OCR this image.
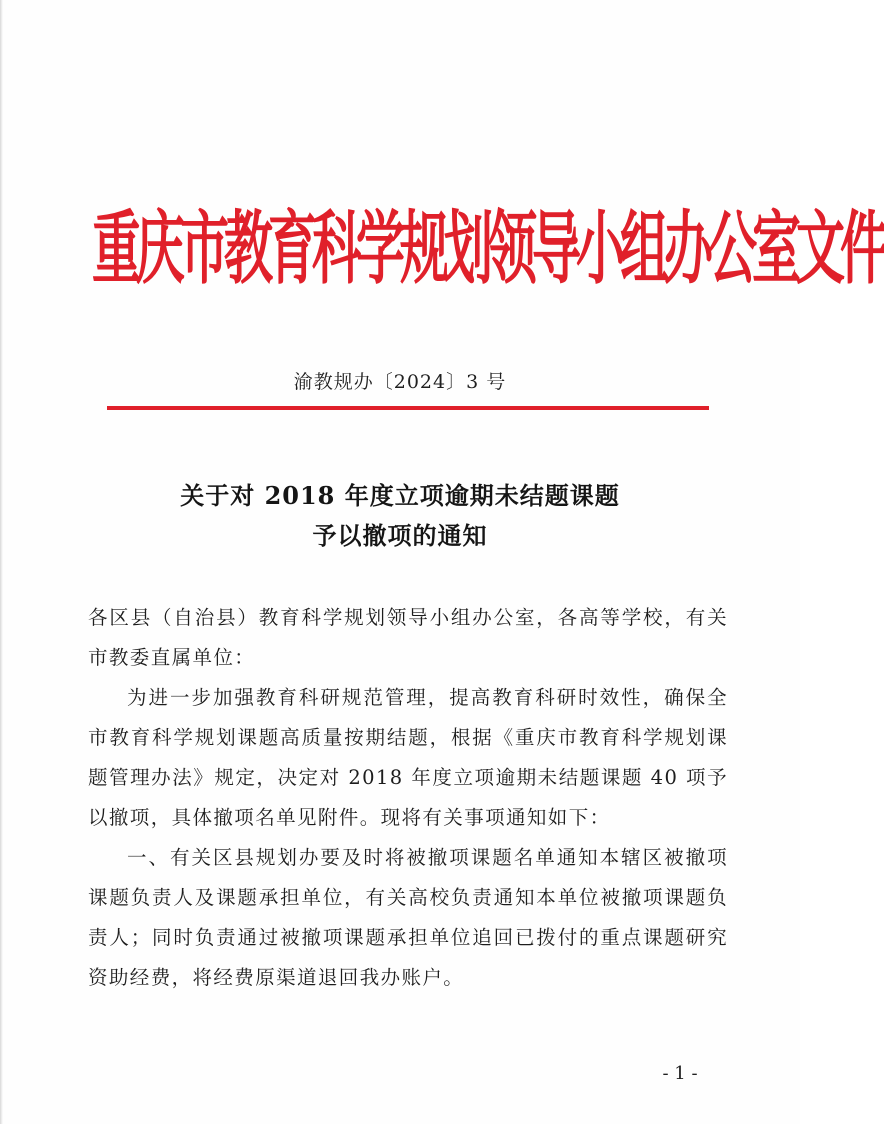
重庆市教育科学规划领导小组办公室文件
渝教规办〔2024〕3 号
关于对 2018 年度立项逾期未结题课题
予以撤项的通知

各区县（自治县）教育科学规划领导小组办公室，各高等学校，有关市教委直属单位：

为进一步加强教育科研规范管理，提高教育科研时效性，确保全市教育科学规划课题高质量按期结题，根据《重庆市教育科学规划课题管理办法》规定，决定对 2018 年度立项逾期未结题课题 40 项予以撤项，具体撤项名单见附件。现将有关事项通知如下：

一、有关区县规划办要及时将被撤项课题名单通知本辖区被撤项课题负责人及课题承担单位，有关高校负责通知本单位被撤项课题负责人；同时负责通过被撤项课题承担单位追回已拨付的重点课题研究资助经费，将经费原渠道退回我办账户。

- 1 -
